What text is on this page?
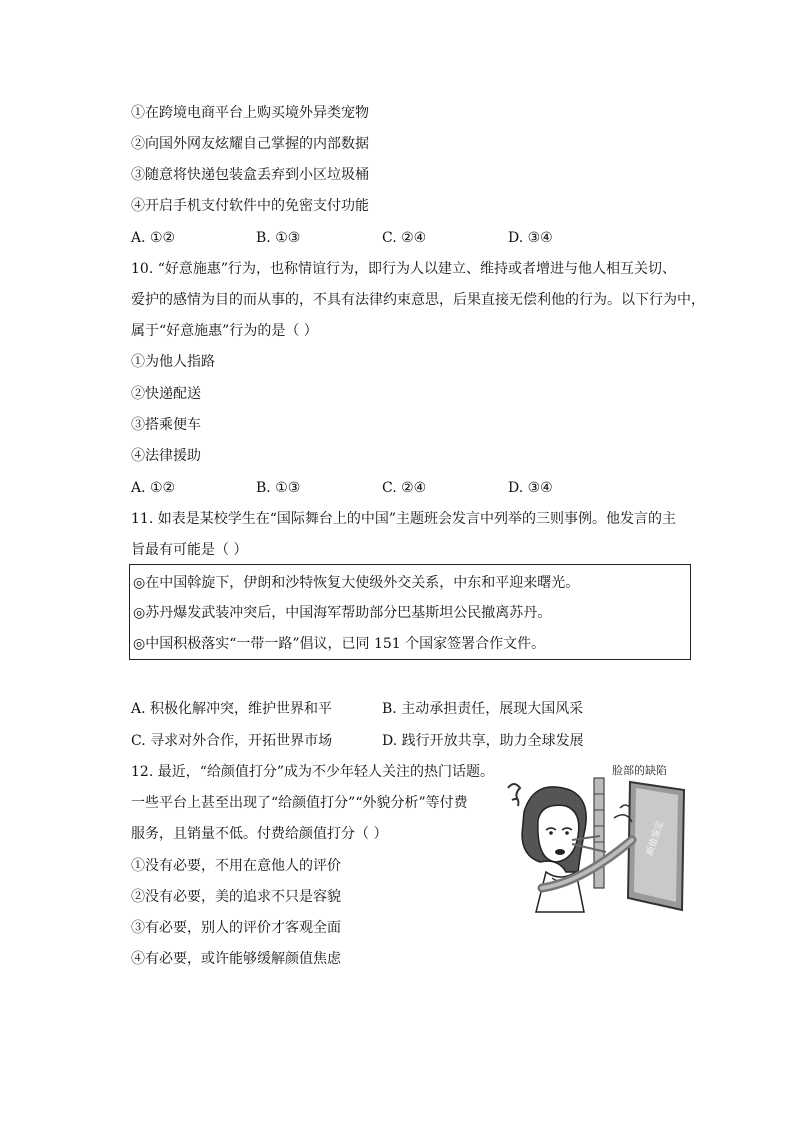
①在跨境电商平台上购买境外异类宠物
②向国外网友炫耀自己掌握的内部数据
③随意将快递包装盒丢弃到小区垃圾桶
④开启手机支付软件中的免密支付功能
A. ①②	B. ①③	C. ②④	D. ③④
10. “好意施惠”行为，也称情谊行为，即行为人以建立、维持或者增进与他人相互关切、
爱护的感情为目的而从事的，不具有法律约束意思，后果直接无偿利他的行为。以下行为中，
属于“好意施惠”行为的是（ ）
①为他人指路
②快递配送
③搭乘便车
④法律援助
A. ①②	B. ①③	C. ②④	D. ③④
11. 如表是某校学生在“国际舞台上的中国”主题班会发言中列举的三则事例。他发言的主
旨最有可能是（ ）
◎在中国斡旋下，伊朗和沙特恢复大使级外交关系，中东和平迎来曙光。
◎苏丹爆发武装冲突后，中国海军帮助部分巴基斯坦公民撤离苏丹。
◎中国积极落实“一带一路”倡议，已同 151 个国家签署合作文件。
A. 积极化解冲突，维护世界和平	B. 主动承担责任，展现大国风采
C. 寻求对外合作，开拓世界市场	D. 践行开放共享，助力全球发展
12. 最近，“给颜值打分”成为不少年轻人关注的热门话题。
一些平台上甚至出现了“给颜值打分”“外貌分析”等付费
服务，且销量不低。付费给颜值打分（ ）
①没有必要，不用在意他人的评价
②没有必要，美的追求不只是容貌
③有必要，别人的评价才客观全面
④有必要，或许能够缓解颜值焦虑
脸部的缺陷
颜值鉴定
